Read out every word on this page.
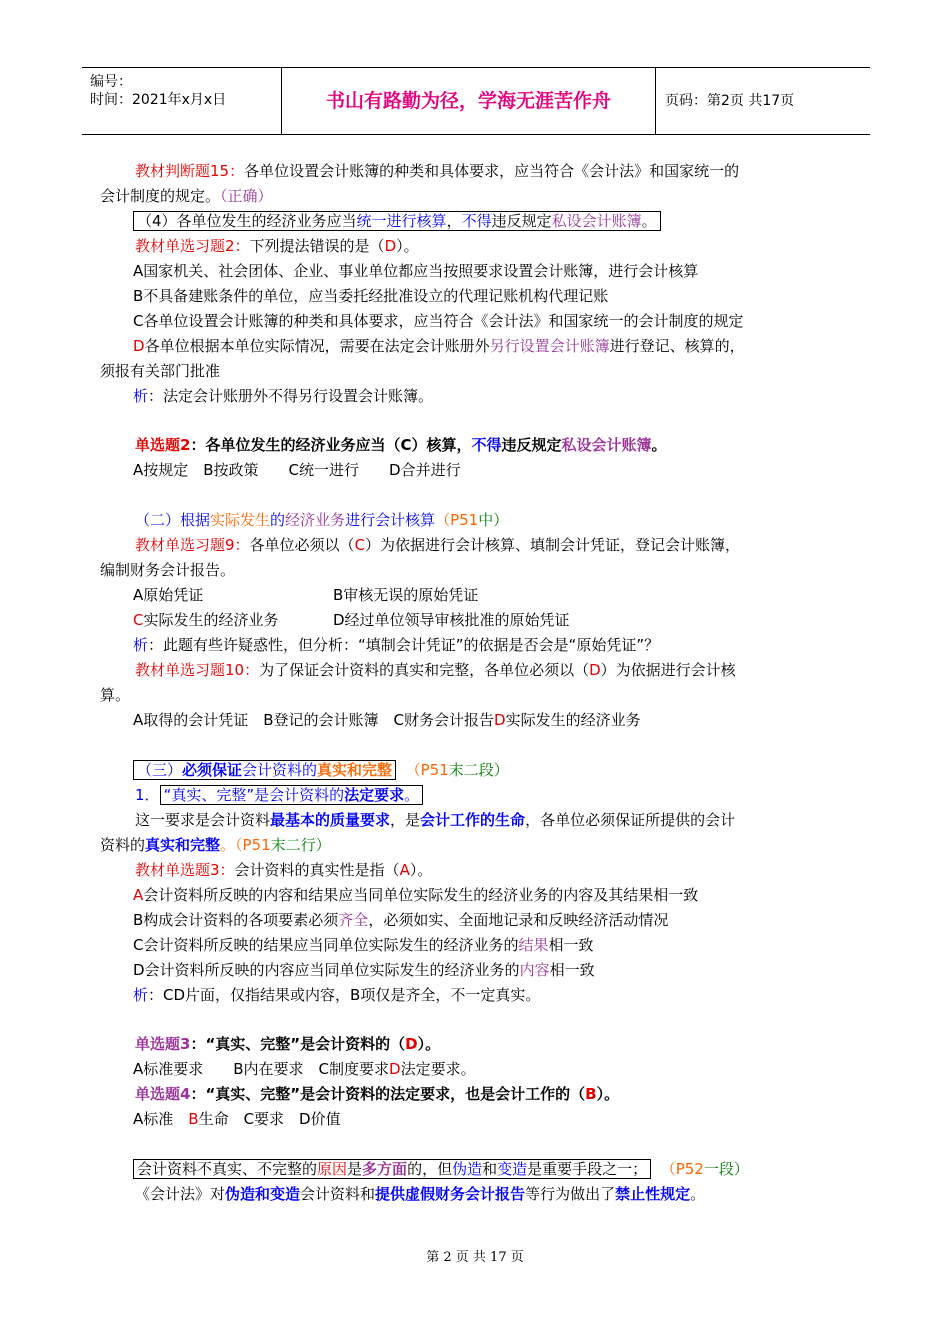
编号：
时间：2021年x月x日	书山有路勤为径，学海无涯苦作舟	页码：第2页 共17页
教材判断题15：各单位设置会计账簿的种类和具体要求，应当符合《会计法》和国家统一的
会计制度的规定。（正确）
（4）各单位发生的经济业务应当统一进行核算，不得违反规定私设会计账簿。
教材单选习题2：下列提法错误的是（D）。
A国家机关、社会团体、企业、事业单位都应当按照要求设置会计账簿，进行会计核算
B不具备建账条件的单位，应当委托经批准设立的代理记账机构代理记账
C各单位设置会计账簿的种类和具体要求，应当符合《会计法》和国家统一的会计制度的规定
D各单位根据本单位实际情况，需要在法定会计账册外另行设置会计账簿进行登记、核算的，
须报有关部门批准
析：法定会计账册外不得另行设置会计账簿。
单选题2：各单位发生的经济业务应当（C）核算，不得违反规定私设会计账簿。
A按规定　B按政策　　C统一进行　　D合并进行
（二）根据实际发生的经济业务进行会计核算（P51中）
教材单选习题9：各单位必须以（C）为依据进行会计核算、填制会计凭证，登记会计账簿，
编制财务会计报告。
A原始凭证	B审核无误的原始凭证
C实际发生的经济业务	D经过单位领导审核批准的原始凭证
析：此题有些许疑惑性，但分析：“填制会计凭证”的依据是否会是“原始凭证”？
教材单选习题10：为了保证会计资料的真实和完整，各单位必须以（D）为依据进行会计核
算。
A取得的会计凭证　B登记的会计账簿　C财务会计报告D实际发生的经济业务
（三）必须保证会计资料的真实和完整 （P51末二段）
1． “真实、完整”是会计资料的法定要求。
这一要求是会计资料最基本的质量要求，是会计工作的生命，各单位必须保证所提供的会计
资料的真实和完整。（P51末二行）
教材单选题3：会计资料的真实性是指（A）。
A会计资料所反映的内容和结果应当同单位实际发生的经济业务的内容及其结果相一致
B构成会计资料的各项要素必须齐全，必须如实、全面地记录和反映经济活动情况
C会计资料所反映的结果应当同单位实际发生的经济业务的结果相一致
D会计资料所反映的内容应当同单位实际发生的经济业务的内容相一致
析：CD片面，仅指结果或内容，B项仅是齐全，不一定真实。
单选题3：“真实、完整”是会计资料的（D）。
A标准要求　　B内在要求　C制度要求D法定要求。
单选题4：“真实、完整”是会计资料的法定要求，也是会计工作的（B）。
A标准　B生命　C要求　D价值
会计资料不真实、不完整的原因是多方面的，但伪造和变造是重要手段之一； （P52一段）
《会计法》对伪造和变造会计资料和提供虚假财务会计报告等行为做出了禁止性规定。
第 2 页 共 17 页
